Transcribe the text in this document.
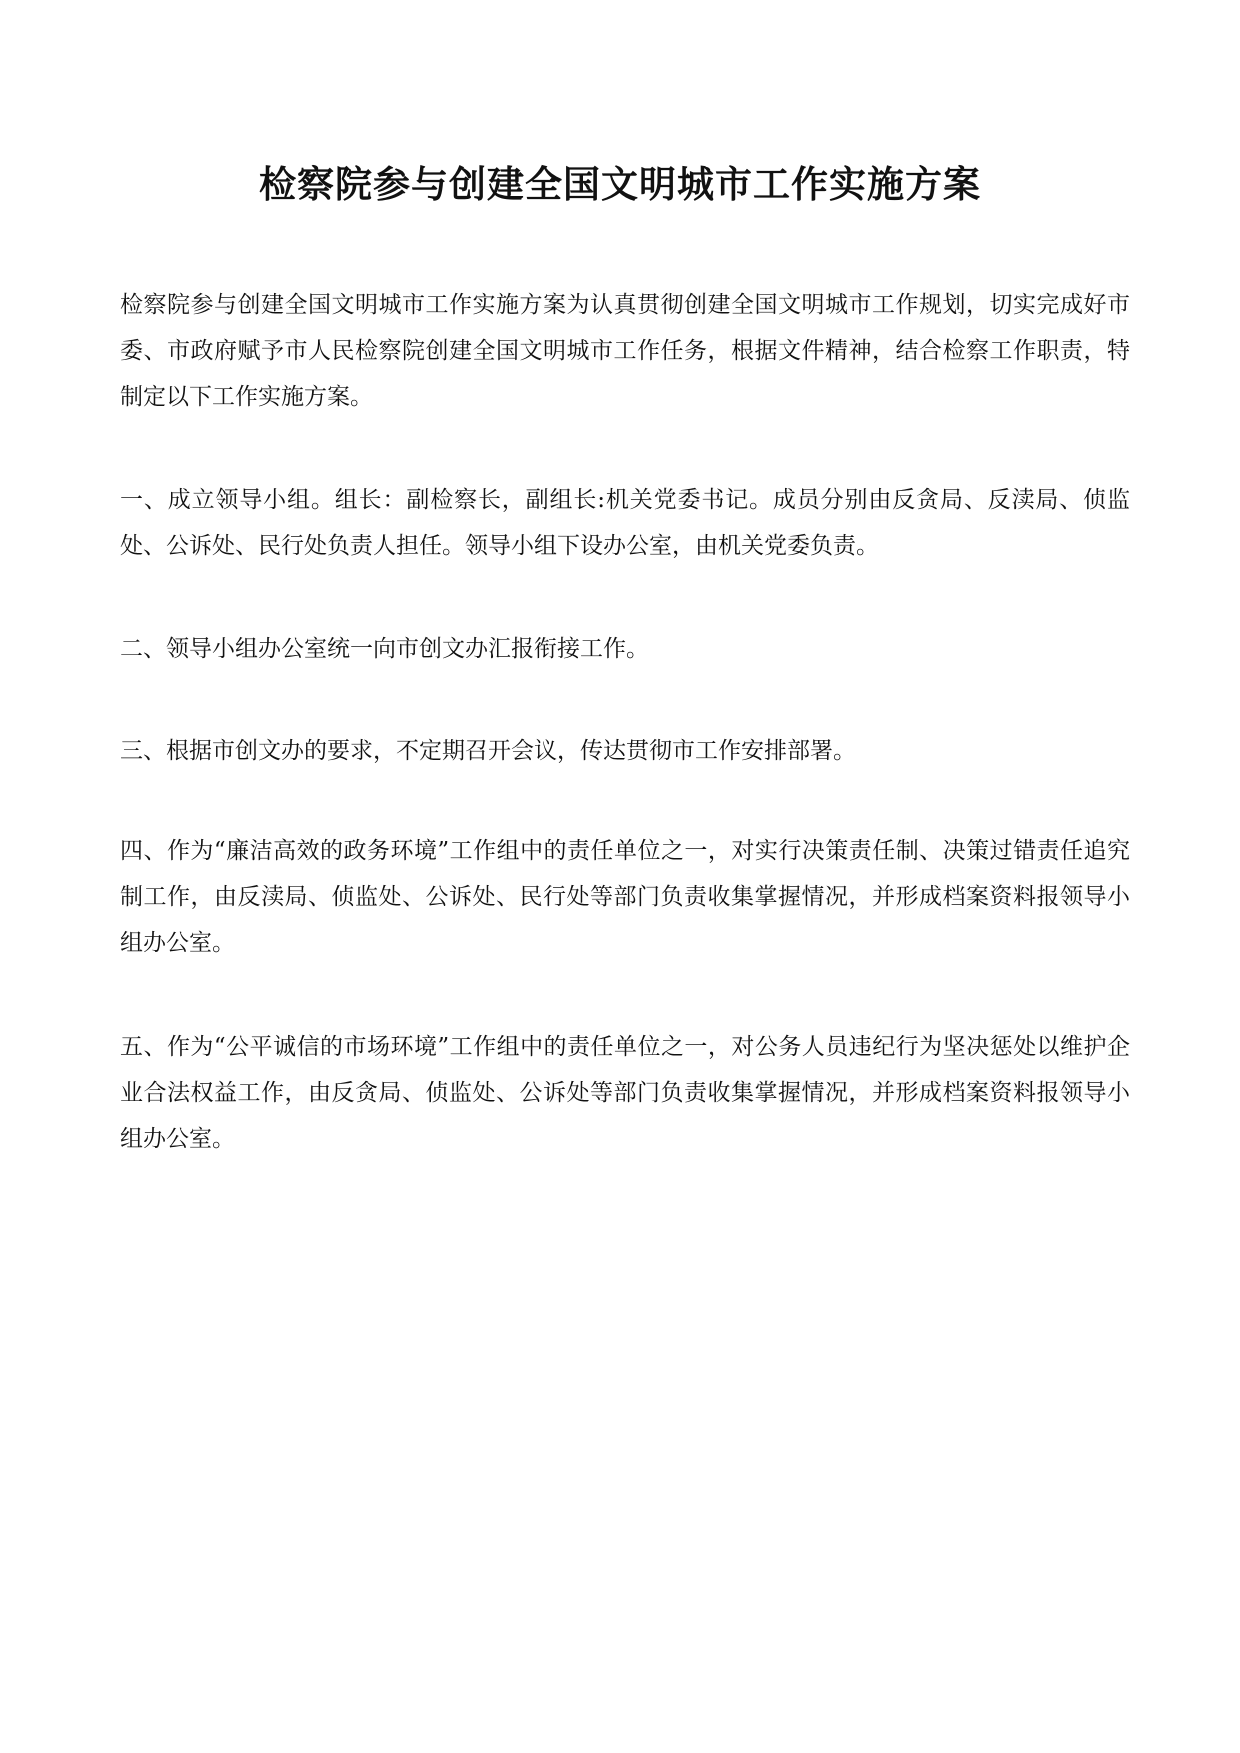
检察院参与创建全国文明城市工作实施方案

检察院参与创建全国文明城市工作实施方案为认真贯彻创建全国文明城市工作规划，切实完成好市委、市政府赋予市人民检察院创建全国文明城市工作任务，根据文件精神，结合检察工作职责，特制定以下工作实施方案。

一、成立领导小组。组长：副检察长，副组长:机关党委书记。成员分别由反贪局、反渎局、侦监处、公诉处、民行处负责人担任。领导小组下设办公室，由机关党委负责。

二、领导小组办公室统一向市创文办汇报衔接工作。

三、根据市创文办的要求，不定期召开会议，传达贯彻市工作安排部署。

四、作为“廉洁高效的政务环境”工作组中的责任单位之一，对实行决策责任制、决策过错责任追究制工作，由反渎局、侦监处、公诉处、民行处等部门负责收集掌握情况，并形成档案资料报领导小组办公室。

五、作为“公平诚信的市场环境”工作组中的责任单位之一，对公务人员违纪行为坚决惩处以维护企业合法权益工作，由反贪局、侦监处、公诉处等部门负责收集掌握情况，并形成档案资料报领导小组办公室。
